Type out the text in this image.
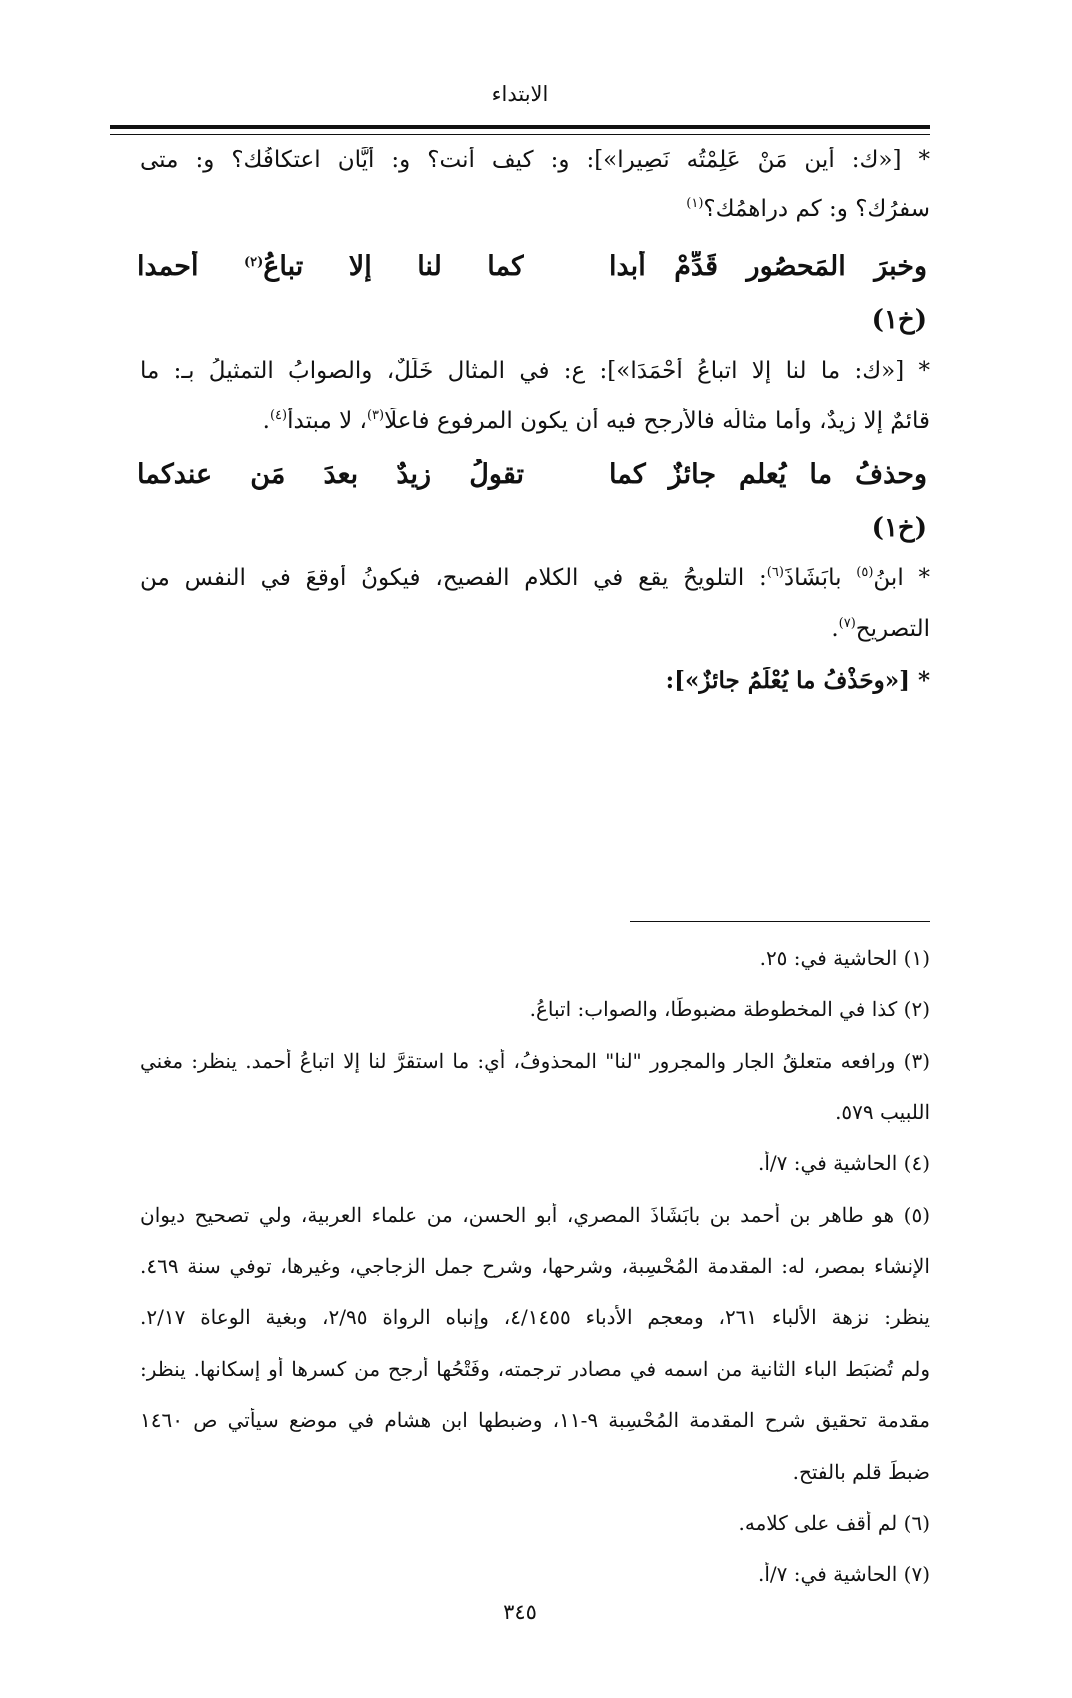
الابتداء
* [«ك: أين مَنْ عَلِمْتُه نَصِيرا»]: و: كيف أنت؟ و: أيَّان اعتكافُك؟ و: متى
سفرُك؟ و: كم دراهمُك؟$^{(١)}$
وخبرَ المَحصُور قَدِّمْ أَبدا
كما لنا إلا تباعُ$^{(٢)}$ أحمدا
(خ١)
* [«ك: ما لنا إلا اتباعُ أَحْمَدَا»]: ع: في المثال خَلَلٌ، والصوابُ التمثيلُ بـ: ما
قائمٌ إلا زيدٌ، وأما مثالُه فالأرجح فيه أن يكون المرفوع فاعلًا$^{(٣)}$، لا مبتدأً$^{(٤)}$.
وحذفُ ما يُعلم جائزٌ كما
تقولُ زيدٌ بعدَ مَن عندكما
(خ١)
* ابنُ$^{(٥)}$ بابَشَاذَ$^{(٦)}$: التلويحُ يقع في الكلام الفصيحِ، فيكونُ أوقعَ في النفس من
التصريح$^{(٧)}$.
* [«وحَذْفُ ما يُعْلَمُ جائزٌ»]:
(١) الحاشية في: ٢٥.
(٢) كذا في المخطوطة مضبوطًا، والصواب: اتباعُ.
(٣) ورافعه متعلقُ الجار والمجرور "لنا" المحذوفُ، أي: ما استقرَّ لنا إلا اتباعُ أحمد. ينظر: مغني
اللبيب ٥٧٩.
(٤) الحاشية في: ٧/أ.
(٥) هو طاهر بن أحمد بن بابَشَاذَ المصري، أبو الحسن، من علماء العربية، ولي تصحيح ديوان
الإنشاء بمصر، له: المقدمة المُحْسِبة، وشرحها، وشرح جمل الزجاجي، وغيرها، توفي سنة ٤٦٩.
ينظر: نزهة الألباء ٢٦١، ومعجم الأدباء ٤/١٤٥٥، وإنباه الرواة ٢/٩٥، وبغية الوعاة ٢/١٧.
ولم تُضبَط الباء الثانية من اسمه في مصادر ترجمته، وفَتْحُها أرجح من كسرها أو إسكانها. ينظر:
مقدمة تحقيق شرح المقدمة المُحْسِبة ٩-١١، وضبطها ابن هشام في موضع سيأتي ص ١٤٦٠
ضبطَ قلمٍ بالفتح.
(٦) لم أقف على كلامه.
(٧) الحاشية في: ٧/أ.
٣٤٥
